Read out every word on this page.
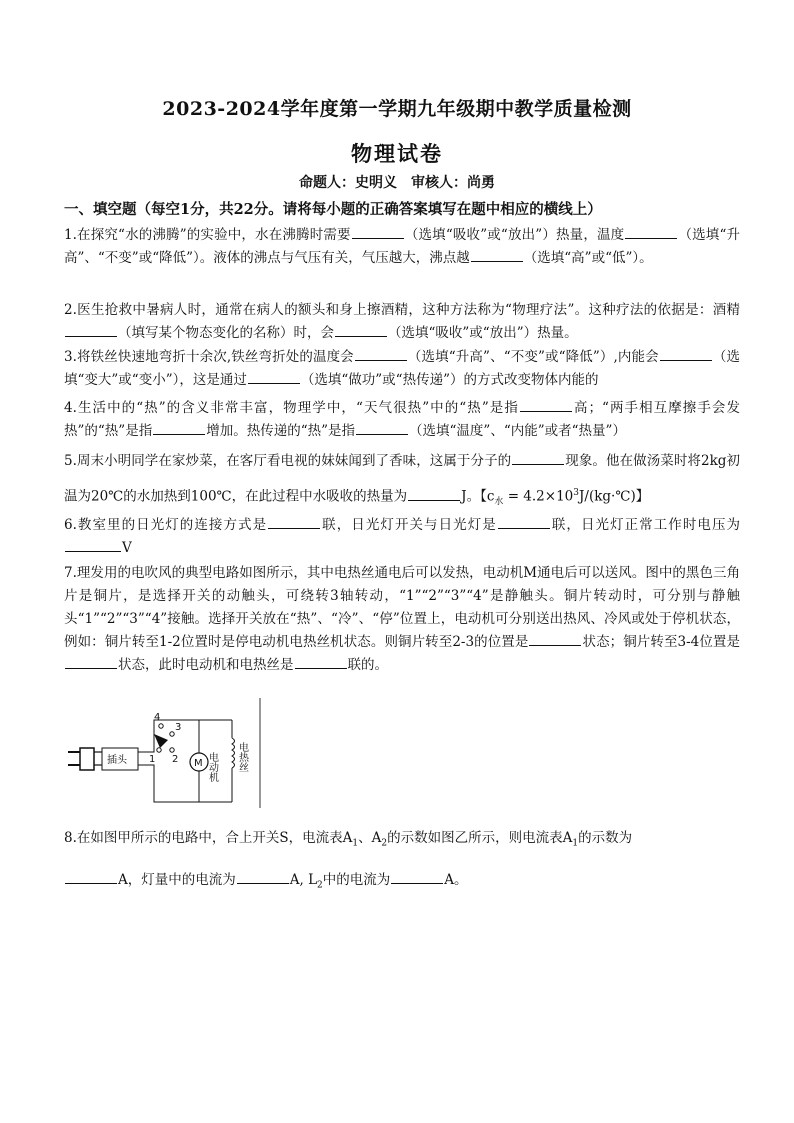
2023-2024学年度第一学期九年级期中教学质量检测
物理试卷
命题人：史明义　审核人：尚勇
一、填空题（每空1分，共22分。请将每小题的正确答案填写在题中相应的横线上）
1.在探究“水的沸腾”的实验中，水在沸腾时需要	（选填“吸收”或“放出”）热量，温度	（选填“升高”、“不变”或“降低”）。液体的沸点与气压有关，气压越大，沸点越	（选填“高”或“低”）。
2.医生抢救中暑病人时，通常在病人的额头和身上擦酒精，这种方法称为“物理疗法”。这种疗法的依据是：酒精（填写某个物态变化的名称）时，会	（选填“吸收”或“放出”）热量。
3.将铁丝快速地弯折十余次,铁丝弯折处的温度会	（选填“升高”、“不变”或“降低”）,内能会	（选填“变大”或“变小”），这是通过	（选填“做功”或“热传递”）的方式改变物体内能的
4.生活中的“热”的含义非常丰富，物理学中，“天气很热”中的“热”是指	高；“两手相互摩擦手会发热”的“热”是指	增加。热传递的“热”是指	（选填“温度”、“内能”或者“热量”）
5.周末小明同学在家炒菜，在客厅看电视的妹妹闻到了香味，这属于分子的	现象。他在做汤菜时将2kg初温为20℃的水加热到100℃，在此过程中水吸收的热量为	J。【$c_水$ = $4.2\times 10^3J/(kg\cdot℃)$】
6.教室里的日光灯的连接方式是	联，日光灯开关与日光灯是	联，日光灯正常工作时电压为V
7.理发用的电吹风的典型电路如图所示，其中电热丝通电后可以发热，电动机M通电后可以送风。图中的黑色三角片是铜片，是选择开关的动触头，可绕转3轴转动，“1”“2”“3”“4”是静触头。铜片转动时，可分别与静触头“1”“2”“3”“4”接触。选择开关放在“热”、“冷”、“停”位置上，电动机可分别送出热风、冷风或处于停机状态，例如：铜片转至1-2位置时是停电动机电热丝机状态。则铜片转至2-3的位置是	状态；铜片转至3-4位置是状态，此时电动机和电热丝是	联的。
插头
4
3
1 2 M 电动机 电热丝
8.在如图甲所示的电路中，合上开关S，电流表$A_1$、$A_2$的示数如图乙所示，则电流表$A_1$的示数为
A，灯量中的电流为	A, $L_2$中的电流为	A。
